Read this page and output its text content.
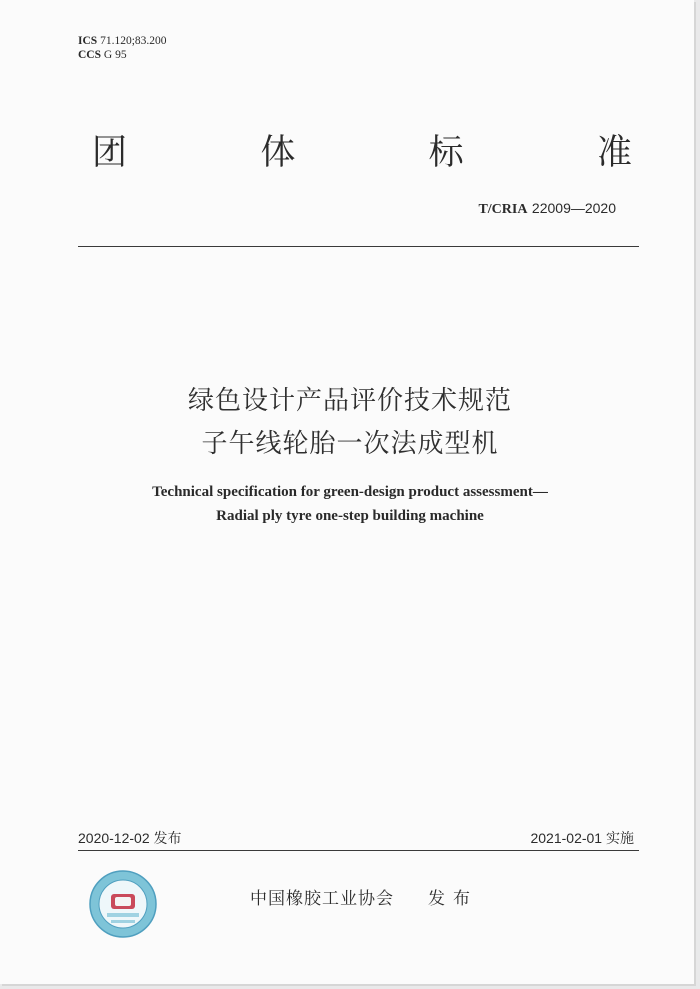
ICS 71.120;83.200
CCS G 95
团	体	标	准
T/CRIA 22009—2020
绿色设计产品评价技术规范
子午线轮胎一次法成型机
Technical specification for green-design product assessment—
Radial ply tyre one-step building machine
2020-12-02 发布	2021-02-01 实施
中国橡胶工业协会 发布
